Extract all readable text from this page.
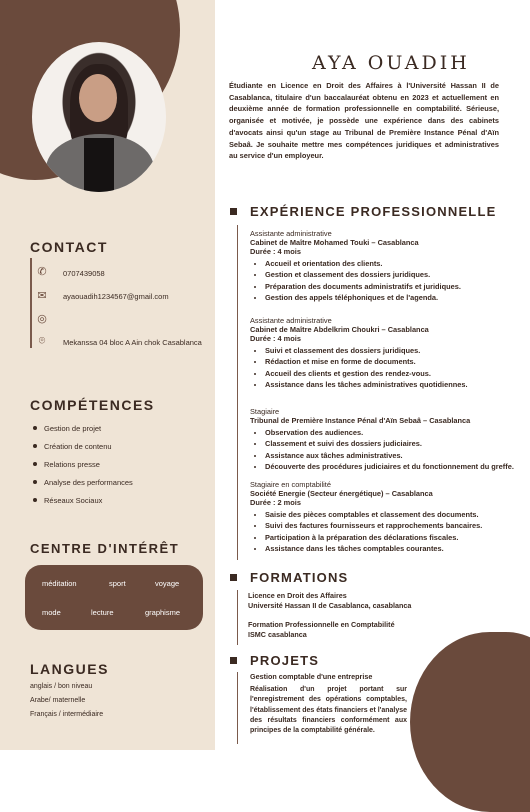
CONTACT
✆ 0707439058
✉ ayaouadih1234567@gmail.com
◎
⌾	Mekanssa 04 bloc A Ain chok Casablanca
COMPÉTENCES
Gestion de projet
Création de contenu
Relations presse
Analyse des performances
Réseaux Sociaux
CENTRE D'INTÉRÊT
méditation	sport	voyage
mode	lecture	graphisme
LANGUES
anglais / bon niveau
Arabe/ maternelle
Français / intermédiaire
AYA OUADIH
Étudiante en Licence en Droit des Affaires à l'Université Hassan II de Casablanca, titulaire d'un baccalauréat obtenu en 2023 et actuellement en deuxième année de formation professionnelle en comptabilité. Sérieuse, organisée et motivée, je possède une expérience dans des cabinets d'avocats ainsi qu'un stage au Tribunal de Première Instance Pénal d'Aïn Sebaâ. Je souhaite mettre mes compétences juridiques et administratives au service d'un employeur.
EXPÉRIENCE PROFESSIONNELLE
Assistante administrative
Cabinet de Maître Mohamed Touki – Casablanca
Durée : 4 mois
• Accueil et orientation des clients.
• Gestion et classement des dossiers juridiques.
• Préparation des documents administratifs et juridiques.
• Gestion des appels téléphoniques et de l'agenda.
Assistante administrative
Cabinet de Maître Abdelkrim Choukri – Casablanca
Durée : 4 mois
• Suivi et classement des dossiers juridiques.
• Rédaction et mise en forme de documents.
• Accueil des clients et gestion des rendez-vous.
• Assistance dans les tâches administratives quotidiennes.
Stagiaire
Tribunal de Première Instance Pénal d'Aïn Sebaâ – Casablanca
• Observation des audiences.
• Classement et suivi des dossiers judiciaires.
• Assistance aux tâches administratives.
• Découverte des procédures judiciaires et du fonctionnement du greffe.
Stagiaire en comptabilité
Société Energie (Secteur énergétique) – Casablanca
Durée : 2 mois
• Saisie des pièces comptables et classement des documents.
• Suivi des factures fournisseurs et rapprochements bancaires.
• Participation à la préparation des déclarations fiscales.
• Assistance dans les tâches comptables courantes.
FORMATIONS
Licence en Droit des Affaires
Université Hassan II de Casablanca, casablanca
Formation Professionnelle en Comptabilité
ISMC casablanca
PROJETS
Gestion comptable d'une entreprise
Réalisation d'un projet portant sur l'enregistrement des opérations comptables, l'établissement des états financiers et l'analyse des résultats financiers conformément aux principes de la comptabilité générale.
